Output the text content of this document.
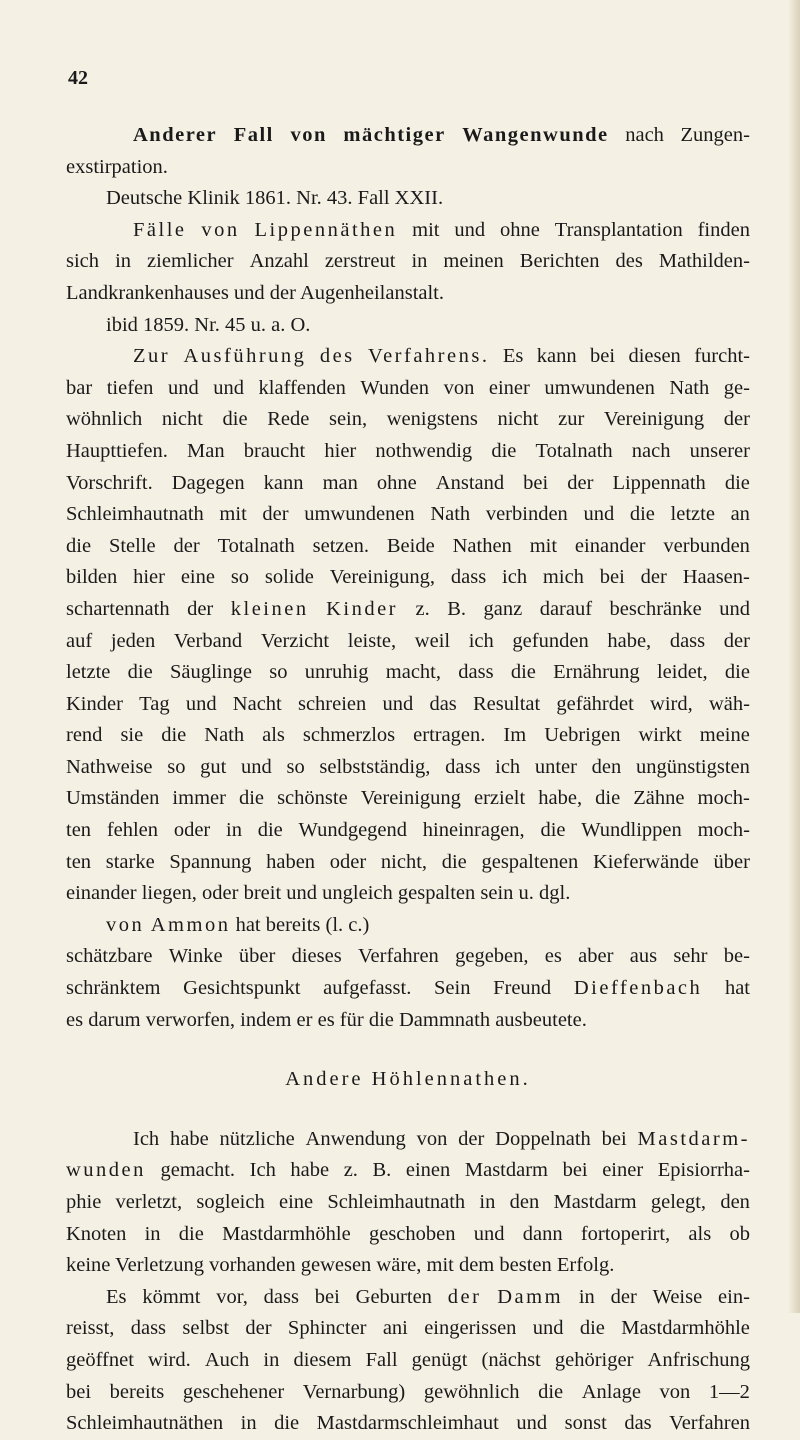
42
Anderer Fall von mächtiger Wangenwunde nach Zungen-
exstirpation.
Deutsche Klinik 1861. Nr. 43. Fall XXII.
Fälle von Lippennäthen mit und ohne Transplantation finden
sich in ziemlicher Anzahl zerstreut in meinen Berichten des Mathilden-
Landkrankenhauses und der Augenheilanstalt.
ibid 1859. Nr. 45 u. a. O.
Zur Ausführung des Verfahrens. Es kann bei diesen furcht-
bar tiefen und und klaffenden Wunden von einer umwundenen Nath ge-
wöhnlich nicht die Rede sein, wenigstens nicht zur Vereinigung der
Haupttiefen. Man braucht hier nothwendig die Totalnath nach unserer
Vorschrift. Dagegen kann man ohne Anstand bei der Lippennath die
Schleimhautnath mit der umwundenen Nath verbinden und die letzte an
die Stelle der Totalnath setzen. Beide Nathen mit einander verbunden
bilden hier eine so solide Vereinigung, dass ich mich bei der Haasen-
schartennath der kleinen Kinder z. B. ganz darauf beschränke und
auf jeden Verband Verzicht leiste, weil ich gefunden habe, dass der
letzte die Säuglinge so unruhig macht, dass die Ernährung leidet, die
Kinder Tag und Nacht schreien und das Resultat gefährdet wird, wäh-
rend sie die Nath als schmerzlos ertragen. Im Uebrigen wirkt meine
Nathweise so gut und so selbstständig, dass ich unter den ungünstigsten
Umständen immer die schönste Vereinigung erzielt habe, die Zähne moch-
ten fehlen oder in die Wundgegend hineinragen, die Wundlippen moch-
ten starke Spannung haben oder nicht, die gespaltenen Kieferwände über
einander liegen, oder breit und ungleich gespalten sein u. dgl.
von Ammon hat bereits (l. c.)
schätzbare Winke über dieses Verfahren gegeben, es aber aus sehr be-
schränktem Gesichtspunkt aufgefasst. Sein Freund Dieffenbach hat
es darum verworfen, indem er es für die Dammnath ausbeutete.
Andere Höhlennathen.
Ich habe nützliche Anwendung von der Doppelnath bei Mastdarm-
wunden gemacht. Ich habe z. B. einen Mastdarm bei einer Episiorrha-
phie verletzt, sogleich eine Schleimhautnath in den Mastdarm gelegt, den
Knoten in die Mastdarmhöhle geschoben und dann fortoperirt, als ob
keine Verletzung vorhanden gewesen wäre, mit dem besten Erfolg.
Es kömmt vor, dass bei Geburten der Damm in der Weise ein-
reisst, dass selbst der Sphincter ani eingerissen und die Mastdarmhöhle
geöffnet wird. Auch in diesem Fall genügt (nächst gehöriger Anfrischung
bei bereits geschehener Vernarbung) gewöhnlich die Anlage von 1—2
Schleimhautnäthen in die Mastdarmschleimhaut und sonst das Verfahren
